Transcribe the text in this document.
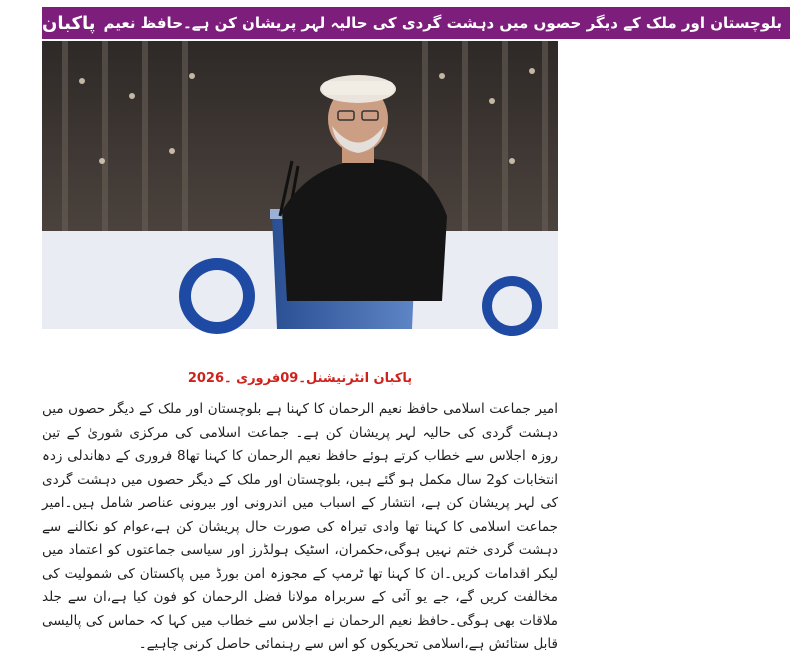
پاکبان بلوچستان اور ملک کے دیگر حصوں میں دہشت گردی کی حالیہ لہر پریشان کن ہے۔حافظ نعیم
پاکبان انٹرنیشنل۔09فروری ۔2026
امیر جماعت اسلامی حافظ نعیم الرحمان کا کہنا ہے بلوچستان اور ملک کے دیگر حصوں میں دہشت گردی کی حالیہ لہر پریشان کن ہے۔ جماعت اسلامی کی مرکزی شوریٰ کے تین روزہ اجلاس سے خطاب کرتے ہوئے حافظ نعیم الرحمان کا کہنا تھا8 فروری کے دھاندلی زدہ انتخابات کو2 سال مکمل ہو گئے ہیں، بلوچستان اور ملک کے دیگر حصوں میں دہشت گردی کی لہر پریشان کن ہے، انتشار کے اسباب میں اندرونی اور بیرونی عناصر شامل ہیں۔امیر جماعت اسلامی کا کہنا تھا وادی تیراہ کی صورت حال پریشان کن ہے،عوام کو نکالنے سے دہشت گردی ختم نہیں ہوگی،حکمران، اسٹیک ہولڈرز اور سیاسی جماعتوں کو اعتماد میں لیکر اقدامات کریں۔ان کا کہنا تھا ٹرمپ کے مجوزہ امن بورڈ میں پاکستان کی شمولیت کی مخالفت کریں گے، جے یو آئی کے سربراہ مولانا فضل الرحمان کو فون کیا ہے،ان سے جلد ملاقات بھی ہوگی۔حافظ نعیم الرحمان نے اجلاس سے خطاب میں کہا کہ حماس کی پالیسی قابل ستائش ہے،اسلامی تحریکوں کو اس سے رہنمائی حاصل کرنی چاہیے۔
